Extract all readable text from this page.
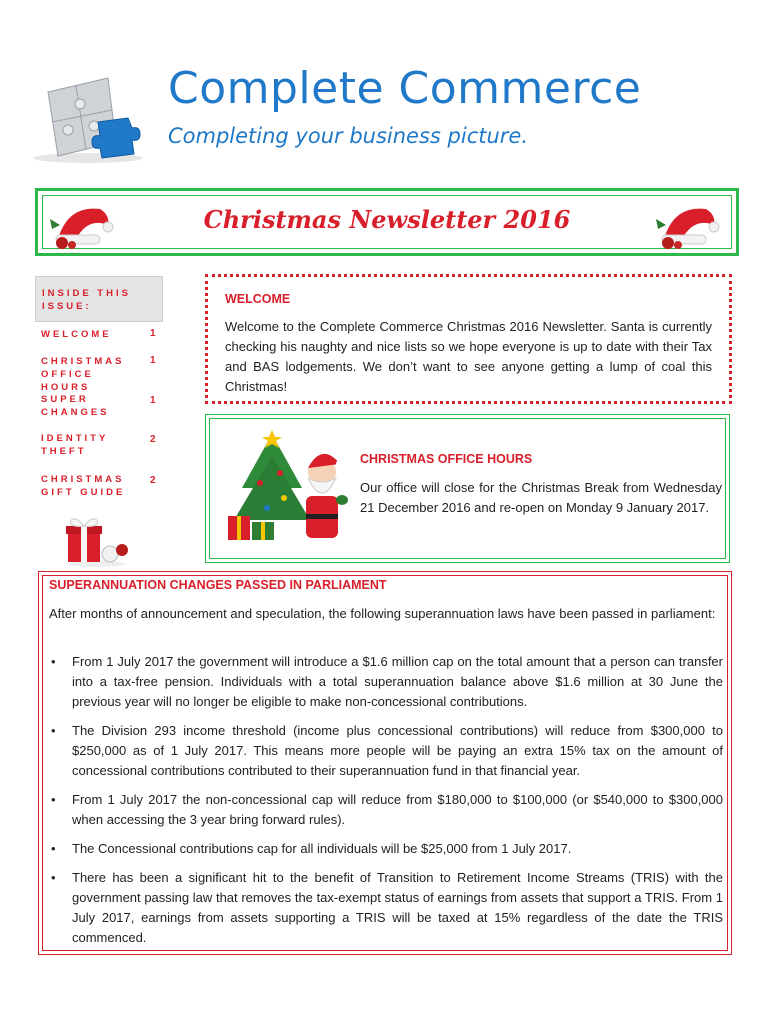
Complete Commerce
Completing your business picture.
Christmas Newsletter 2016
INSIDE THIS ISSUE:
WELCOME	1
CHRISTMAS OFFICE HOURS
1
SUPER CHANGES
1
IDENTITY THEFT
2
CHRISTMAS GIFT GUIDE
2
WELCOME
Welcome to the Complete Commerce Christmas 2016 Newsletter. Santa is currently checking his naughty and nice lists so we hope everyone is up to date with their Tax and BAS lodgements. We don’t want to see anyone getting a lump of coal this Christmas!
CHRISTMAS OFFICE HOURS
Our office will close for the Christmas Break from Wednesday 21 December 2016 and re-open on Monday 9 January 2017.
SUPERANNUATION CHANGES PASSED IN PARLIAMENT
After months of announcement and speculation, the following superannuation laws have been passed in parliament:
• From 1 July 2017 the government will introduce a $1.6 million cap on the total amount that a person can transfer into a tax-free pension. Individuals with a total superannuation balance above $1.6 million at 30 June the previous year will no longer be eligible to make non-concessional contributions.
• The Division 293 income threshold (income plus concessional contributions) will reduce from $300,000 to $250,000 as of 1 July 2017. This means more people will be paying an extra 15% tax on the amount of concessional contributions contributed to their superannuation fund in that financial year.
• From 1 July 2017 the non-concessional cap will reduce from $180,000 to $100,000 (or $540,000 to $300,000 when accessing the 3 year bring forward rules).
• The Concessional contributions cap for all individuals will be $25,000 from 1 July 2017.
• There has been a significant hit to the benefit of Transition to Retirement Income Streams (TRIS) with the government passing law that removes the tax-exempt status of earnings from assets that support a TRIS. From 1 July 2017, earnings from assets supporting a TRIS will be taxed at 15% regardless of the date the TRIS commenced.
